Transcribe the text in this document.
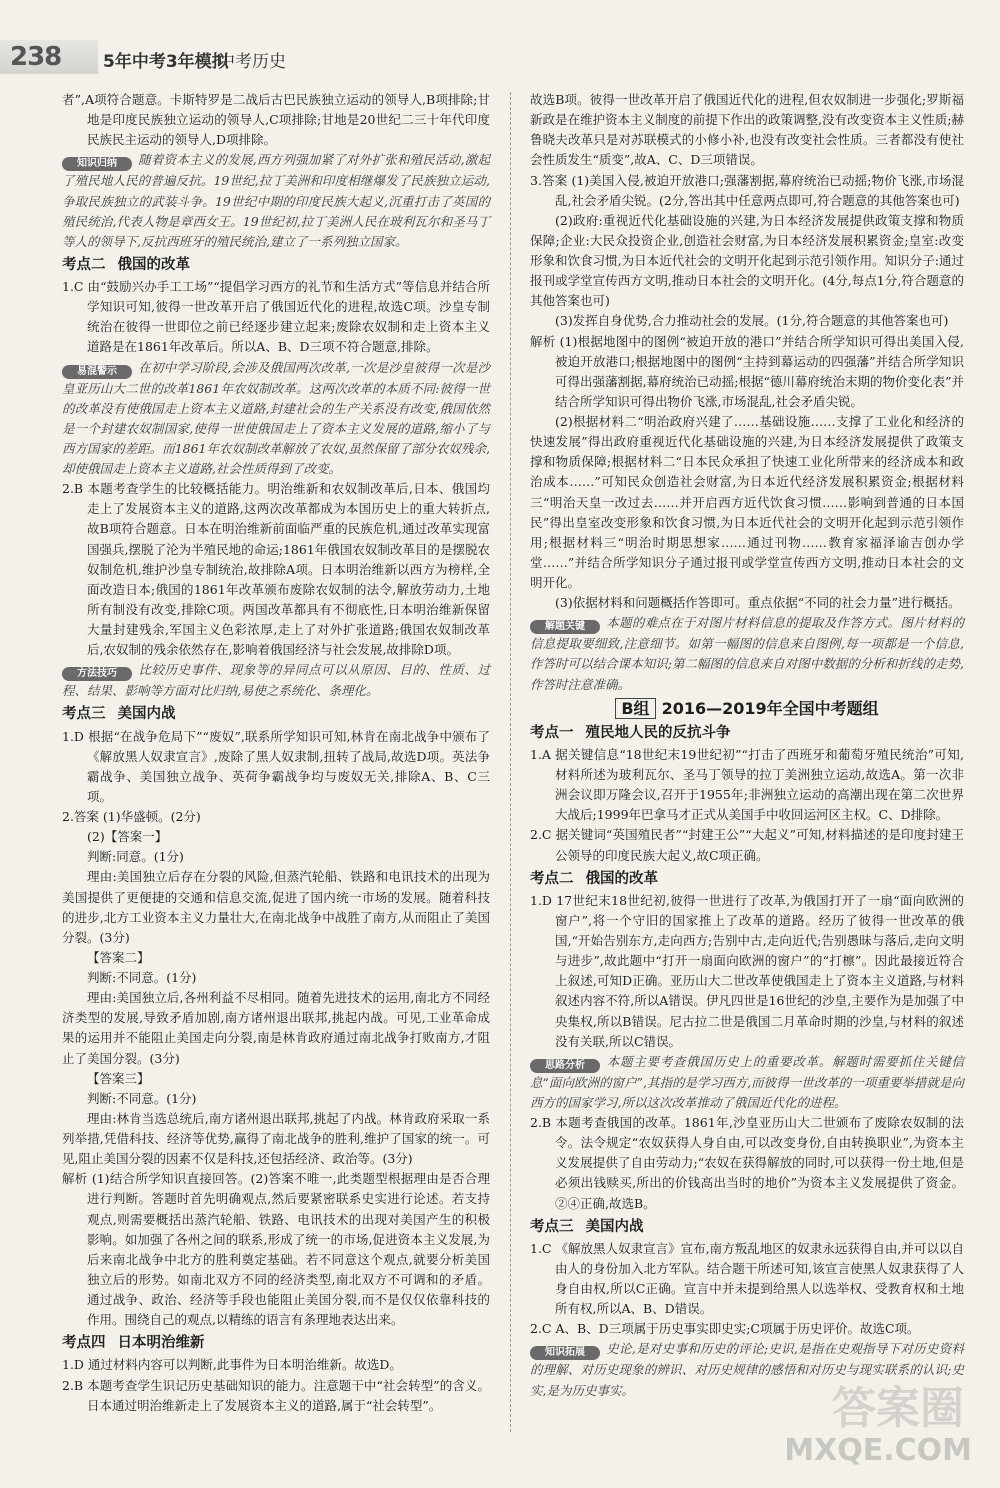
238 5年中考3年模拟
中考历史

者”,A项符合题意。卡斯特罗是二战后古巴民族独立运动的领导人,B项排除;甘地是印度民族独立运动的领导人,C项排除;甘地是20世纪二三十年代印度民族民主运动的领导人,D项排除。

知识归纳 随着资本主义的发展,西方列强加紧了对外扩张和殖民活动,激起了殖民地人民的普遍反抗。19世纪,拉丁美洲和印度相继爆发了民族独立运动,争取民族独立的武装斗争。19世纪中期的印度民族大起义,沉重打击了英国的殖民统治,代表人物是章西女王。19世纪初,拉丁美洲人民在玻利瓦尔和圣马丁等人的领导下,反抗西班牙的殖民统治,建立了一系列独立国家。

考点二 俄国的改革

1.C 由“鼓励兴办手工工场”“提倡学习西方的礼节和生活方式”等信息并结合所学知识可知,彼得一世改革开启了俄国近代化的进程,故选C项。沙皇专制统治在彼得一世即位之前已经逐步建立起来;废除农奴制和走上资本主义道路是在1861年改革后。所以A、B、D三项不符合题意,排除。

易混警示 在初中学习阶段,会涉及俄国两次改革,一次是沙皇彼得一次是沙皇亚历山大二世的改革1861年农奴制改革。这两次改革的本质不同:彼得一世的改革没有使俄国走上资本主义道路,封建社会的生产关系没有改变,俄国依然是一个封建农奴制国家,使得一世使俄国走上了资本主义发展的道路,缩小了与西方国家的差距。而1861年农奴制改革解放了农奴,虽然保留了部分农奴残余,却使俄国走上资本主义道路,社会性质得到了改变。

2.B 本题考查学生的比较概括能力。明治维新和农奴制改革后,日本、俄国均走上了发展资本主义的道路,这两次改革都成为本国历史上的重大转折点,故B项符合题意。日本在明治维新前面临严重的民族危机,通过改革实现富国强兵,摆脱了沦为半殖民地的命运;1861年俄国农奴制改革目的是摆脱农奴制危机,维护沙皇专制统治,故排除A项。日本明治维新以西方为榜样,全面改造日本;俄国的1861年改革颁布废除农奴制的法令,解放劳动力,土地所有制没有改变,排除C项。两国改革都具有不彻底性,日本明治维新保留大量封建残余,军国主义色彩浓厚,走上了对外扩张道路;俄国农奴制改革后,农奴制的残余依然存在,影响着俄国经济与社会发展,故排除D项。

方法技巧 比较历史事件、现象等的异同点可以从原因、目的、性质、过程、结果、影响等方面对比归纳,易使之系统化、条理化。

考点三 美国内战

1.D 根据“在战争危局下”“废奴”,联系所学知识可知,林肯在南北战争中颁布了《解放黑人奴隶宣言》,废除了黑人奴隶制,扭转了战局,故选D项。英法争霸战争、美国独立战争、英荷争霸战争均与废奴无关,排除A、B、C三项。

2.答案 (1)华盛顿。(2分)

(2)【答案一】

判断:同意。(1分)

理由:美国独立后存在分裂的风险,但蒸汽轮船、铁路和电讯技术的出现为美国提供了更便捷的交通和信息交流,促进了国内统一市场的发展。随着科技的进步,北方工业资本主义力量壮大,在南北战争中战胜了南方,从而阻止了美国分裂。(3分)

【答案二】

判断:不同意。(1分)

理由:美国独立后,各州利益不尽相同。随着先进技术的运用,南北方不同经济类型的发展,导致矛盾加剧,南方诸州退出联邦,挑起内战。可见,工业革命成果的运用并不能阻止美国走向分裂,南是林肯政府通过南北战争打败南方,才阻止了美国分裂。(3分)

【答案三】

判断:不同意。(1分)

理由:林肯当选总统后,南方诸州退出联邦,挑起了内战。林肯政府采取一系列举措,凭借科技、经济等优势,赢得了南北战争的胜利,维护了国家的统一。可见,阻止美国分裂的因素不仅是科技,还包括经济、政治等。(3分)

解析 (1)结合所学知识直接回答。(2)答案不唯一,此类题型根据理由是否合理进行判断。答题时首先明确观点,然后要紧密联系史实进行论述。若支持观点,则需要概括出蒸汽轮船、铁路、电讯技术的出现对美国产生的积极影响。如加强了各州之间的联系,形成了统一的市场,促进资本主义发展,为后来南北战争中北方的胜利奠定基础。若不同意这个观点,就要分析美国独立后的形势。如南北双方不同的经济类型,南北双方不可调和的矛盾。通过战争、政治、经济等手段也能阻止美国分裂,而不是仅仅依靠科技的作用。围绕自己的观点,以精练的语言有条理地表达出来。

考点四 日本明治维新

1.D 通过材料内容可以判断,此事件为日本明治维新。故选D。

2.B 本题考查学生识记历史基础知识的能力。注意题干中“社会转型”的含义。日本通过明治维新走上了发展资本主义的道路,属于“社会转型”。

故选B项。彼得一世改革开启了俄国近代化的进程,但农奴制进一步强化;罗斯福新政是在维护资本主义制度的前提下作出的政策调整,没有改变资本主义性质;赫鲁晓夫改革只是对苏联模式的小修小补,也没有改变社会性质。三者都没有使社会性质发生“质变”,故A、C、D三项错误。

3.答案 (1)美国入侵,被迫开放港口;强藩割据,幕府统治已动摇;物价飞涨,市场混乱,社会矛盾尖锐。(2分,答出其中任意两点即可,符合题意的其他答案也可)

(2)政府:重视近代化基础设施的兴建,为日本经济发展提供政策支撑和物质保障;企业:大民众投资企业,创造社会财富,为日本经济发展积累资金;皇室:改变形象和饮食习惯,为日本近代社会的文明开化起到示范引领作用。知识分子:通过报刊或学堂宣传西方文明,推动日本社会的文明开化。(4分,每点1分,符合题意的其他答案也可)

(3)发挥自身优势,合力推动社会的发展。(1分,符合题意的其他答案也可)

解析 (1)根据地图中的图例“被迫开放的港口”并结合所学知识可得出美国入侵,被迫开放港口;根据地图中的图例“主持到幕运动的四强藩”并结合所学知识可得出强藩割据,幕府统治已动摇;根据“德川幕府统治末期的物价变化表”并结合所学知识可得出物价飞涨,市场混乱,社会矛盾尖锐。

(2)根据材料二“明治政府兴建了……基础设施……支撑了工业化和经济的快速发展”得出政府重视近代化基础设施的兴建,为日本经济发展提供了政策支撑和物质保障;根据材料二“日本民众承担了快速工业化所带来的经济成本和政治成本……”可知民众创造社会财富,为日本近代经济发展积累资金;根据材料三“明治天皇一改过去……并开启西方近代饮食习惯……影响到普通的日本国民”得出皇室改变形象和饮食习惯,为日本近代社会的文明开化起到示范引领作用;根据材料三“明治时期思想家……通过刊物……教育家福泽谕吉创办学堂……”并结合所学知识分子通过报刊或学堂宣传西方文明,推动日本社会的文明开化。

(3)依据材料和问题概括作答即可。重点依据“不同的社会力量”进行概括。

解题关键 本题的难点在于对图片材料信息的提取及作答方式。图片材料的信息提取要细致,注意细节。如第一幅图的信息来自图例,每一项都是一个信息,作答时可以结合课本知识;第二幅图的信息来自对图中数据的分析和折线的走势,作答时注意准确。

B组 2016—2019年全国中考题组
考点一 殖民地人民的反抗斗争

1.A 据关键信息“18世纪末19世纪初”“打击了西班牙和葡萄牙殖民统治”可知,材料所述为玻利瓦尔、圣马丁领导的拉丁美洲独立运动,故选A。第一次非洲会议即万隆会议,召开于1955年;非洲独立运动的高潮出现在第二次世界大战后;1999年巴拿马才正式从美国手中收回运河区主权。C、D排除。

2.C 据关键词“英国殖民者”“封建王公”“大起义”可知,材料描述的是印度封建王公领导的印度民族大起义,故C项正确。

考点二 俄国的改革

1.D 17世纪末18世纪初,彼得一世进行了改革,为俄国打开了一扇“面向欧洲的窗户”,将一个守旧的国家推上了改革的道路。经历了彼得一世改革的俄国,“开始告别东方,走向西方;告别中古,走向近代;告别愚昧与落后,走向文明与进步”,故此题中“打开一扇面向欧洲的窗户”的“打檩”。因此最接近符合上叙述,可知D正确。亚历山大二世改革使俄国走上了资本主义道路,与材料叙述内容不符,所以A错误。伊凡四世是16世纪的沙皇,主要作为是加强了中央集权,所以B错误。尼古拉二世是俄国二月革命时期的沙皇,与材料的叙述没有关联,所以C错误。

思路分析 本题主要考查俄国历史上的重要改革。解题时需要抓住关键信息“面向欧洲的窗户”,其指的是学习西方,而彼得一世改革的一项重要举措就是向西方的国家学习,所以这次改革推动了俄国近代化的进程。

2.B 本题考查俄国的改革。1861年,沙皇亚历山大二世颁布了废除农奴制的法令。法令规定“农奴获得人身自由,可以改变身份,自由转换职业”,为资本主义发展提供了自由劳动力;“农奴在获得解放的同时,可以获得一份土地,但是必须出钱赎买,所出的价钱高出当时的地价”为资本主义发展提供了资金。②④正确,故选B。

考点三 美国内战

1.C 《解放黑人奴隶宣言》宣布,南方叛乱地区的奴隶永远获得自由,并可以以自由人的身份加入北方军队。结合题干所述可知,该宣言使黑人奴隶获得了人身自由权,所以C正确。宣言中并未提到给黑人以选举权、受教育权和土地所有权,所以A、B、D错误。

2.C A、B、D三项属于历史事实即史实;C项属于历史评价。故选C项。

知识拓展 史论,是对史事和历史的评论;史识,是指在史观指导下对历史资料的理解、对历史现象的辨识、对历史规律的感悟和对历史与现实联系的认识;史实,是为历史事实。	答案圈
MXQE.COM
